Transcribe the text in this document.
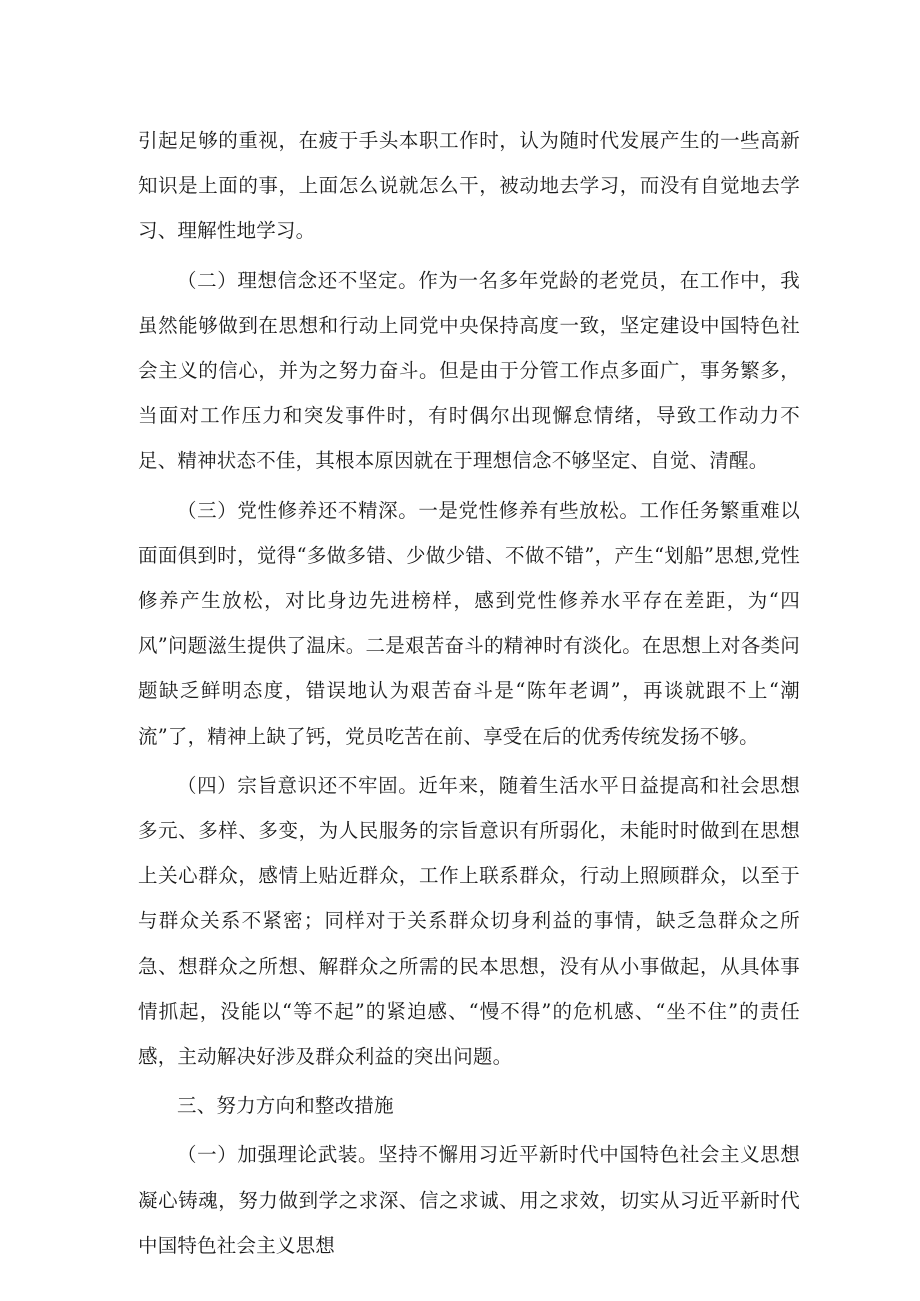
引起足够的重视，在疲于手头本职工作时，认为随时代发展产生的一些高新知识是上面的事，上面怎么说就怎么干，被动地去学习，而没有自觉地去学习、理解性地学习。

（二）理想信念还不坚定。作为一名多年党龄的老党员，在工作中，我虽然能够做到在思想和行动上同党中央保持高度一致，坚定建设中国特色社会主义的信心，并为之努力奋斗。但是由于分管工作点多面广，事务繁多，当面对工作压力和突发事件时，有时偶尔出现懈怠情绪，导致工作动力不足、精神状态不佳，其根本原因就在于理想信念不够坚定、自觉、清醒。

（三）党性修养还不精深。一是党性修养有些放松。工作任务繁重难以面面俱到时，觉得“多做多错、少做少错、不做不错”，产生“划船”思想,党性修养产生放松，对比身边先进榜样，感到党性修养水平存在差距，为“四风”问题滋生提供了温床。二是艰苦奋斗的精神时有淡化。在思想上对各类问题缺乏鲜明态度，错误地认为艰苦奋斗是“陈年老调”，再谈就跟不上“潮流”了，精神上缺了钙，党员吃苦在前、享受在后的优秀传统发扬不够。

（四）宗旨意识还不牢固。近年来，随着生活水平日益提高和社会思想多元、多样、多变，为人民服务的宗旨意识有所弱化，未能时时做到在思想上关心群众，感情上贴近群众，工作上联系群众，行动上照顾群众，以至于与群众关系不紧密；同样对于关系群众切身利益的事情，缺乏急群众之所急、想群众之所想、解群众之所需的民本思想，没有从小事做起，从具体事情抓起，没能以“等不起”的紧迫感、“慢不得”的危机感、“坐不住”的责任感，主动解决好涉及群众利益的突出问题。

三、努力方向和整改措施

（一）加强理论武装。坚持不懈用习近平新时代中国特色社会主义思想凝心铸魂，努力做到学之求深、信之求诚、用之求效，切实从习近平新时代中国特色社会主义思想
